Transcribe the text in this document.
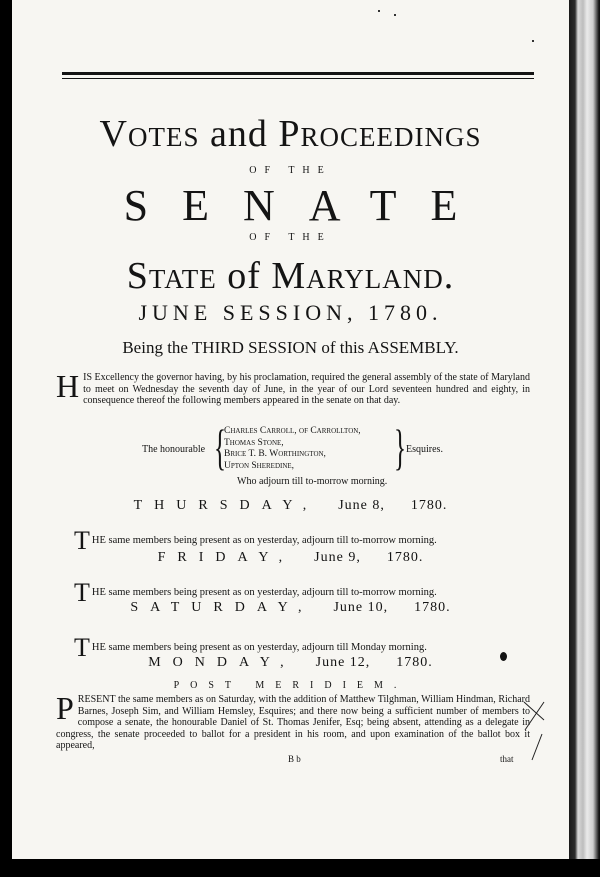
Votes and Proceedings
OF THE
SENATE
OF THE
State of Maryland.
JUNE SESSION, 1780.
Being the THIRD SESSION of this ASSEMBLY.
HIS Excellency the governor having, by his proclamation, required the general assembly of the state of Maryland to meet on Wednesday the seventh day of June, in the year of our Lord seventeen hundred and eighty, in consequence thereof the following members appeared in the senate on that day.
The honourable {
Charles Carroll, of Carrollton,
Thomas Stone,
Brice T. B. Worthington,
Upton Sheredine,	} Esquires.
Who adjourn till to-morrow morning.
THURSDAY, June 8, 1780.
THE same members being present as on yesterday, adjourn till to-morrow morning.
FRIDAY, June 9, 1780.
THE same members being present as on yesterday, adjourn till to-morrow morning.
SATURDAY, June 10, 1780.
THE same members being present as on yesterday, adjourn till Monday morning.
MONDAY, June 12, 1780.
POST MERIDIEM.
PRESENT the same members as on Saturday, with the addition of Matthew Tilghman, William Hindman, Richard Barnes, Joseph Sim, and William Hemsley, Esquires; and there now being a sufficient number of members to compose a senate, the honourable Daniel of St. Thomas Jenifer, Esq; being absent, attending as a delegate in congress, the senate proceeded to ballot for a president in his room, and upon examination of the ballot box it appeared,
B b	that
